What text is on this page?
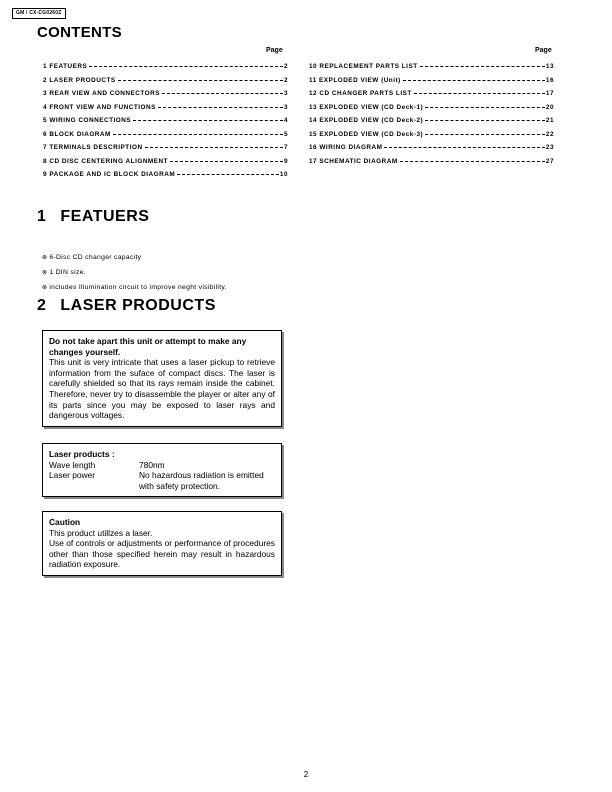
GM / CX-CG0260Z
CONTENTS
Page	Page
1 FEATUERS	2
2 LASER PRODUCTS	2
3 REAR VIEW AND CONNECTORS	3
4 FRONT VIEW AND FUNCTIONS	3
5 WIRING CONNECTIONS	4
6 BLOCK DIAGRAM	5
7 TERMINALS DESCRIPTION	7
8 CD DISC CENTERING ALIGNMENT	9
9 PACKAGE AND IC BLOCK DIAGRAM	10
10 REPLACEMENT PARTS LIST	13
11 EXPLODED VIEW (Unit)	16
12 CD CHANGER PARTS LIST	17
13 EXPLODED VIEW (CD Deck-1)	20
14 EXPLODED VIEW (CD Deck-2)	21
15 EXPLODED VIEW (CD Deck-3)	22
16 WIRING DIAGRAM	23
17 SCHEMATIC DIAGRAM	27
1 FEATUERS
⊗ 6-Disc CD changer capacity
⊗ 1 DIN size.
⊗ includes Illumination circuit to improve neght visibility.
2 LASER PRODUCTS

Do not take apart this unit or attempt to make any changes yourself.

This unit is very intricate that uses a laser pickup to retrieve information from the suface of compact discs. The laser is carefully shielded so that its rays remain inside the cabinet. Therefore, never try to disassemble the player or alter any of its parts since you may be exposed to laser rays and dangerous voltages.

Laser products :

Wave length	780nm
Laser power	No hazardous radiation is emitted with safety protection.

Caution

This product utillzes a laser.

Use of controls or adjustments or performance of procedures other than those specified herein may result in hazardous radiation exposure.

2
